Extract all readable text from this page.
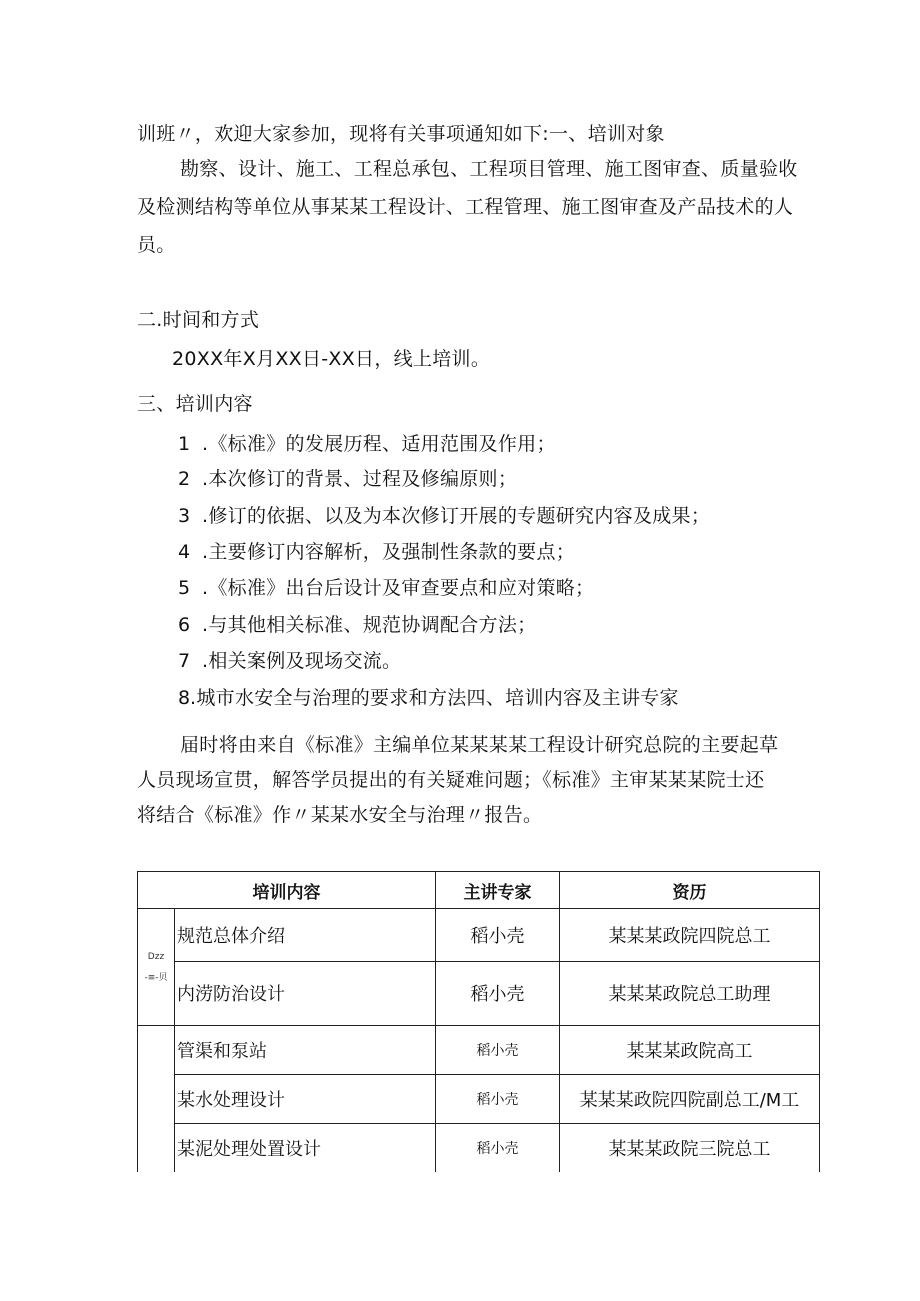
训班〃，欢迎大家参加，现将有关事项通知如下:一、培训对象
勘察、设计、施工、工程总承包、工程项目管理、施工图审查、质量验收
及检测结构等单位从事某某工程设计、工程管理、施工图审查及产品技术的人
员。
二.时间和方式
20XX年X月XX日-XX日，线上培训。
三、培训内容
1 .《标准》的发展历程、适用范围及作用；
2 .本次修订的背景、过程及修编原则；
3 .修订的依据、以及为本次修订开展的专题研究内容及成果；
4 .主要修订内容解析，及强制性条款的要点；
5 .《标准》出台后设计及审查要点和应对策略；
6 .与其他相关标准、规范协调配合方法；
7 .相关案例及现场交流。
8.城市水安全与治理的要求和方法四、培训内容及主讲专家
届时将由来自《标准》主编单位某某某某工程设计研究总院的主要起草
人员现场宣贯，解答学员提出的有关疑难问题；《标准》主审某某某院士还
将结合《标准》作〃某某水安全与治理〃报告。
培训内容		主讲专家	资历
Dzz	规范总体介绍	稻小壳	某某某政院四院总工
-≡-贝	内涝防治设计	稻小壳	某某某政院总工助理
	管渠和泵站	稻小壳	某某某政院高工
	某水处理设计	稻小壳	某某某政院四院副总工/M工
	某泥处理处置设计	稻小壳	某某某政院三院总工
